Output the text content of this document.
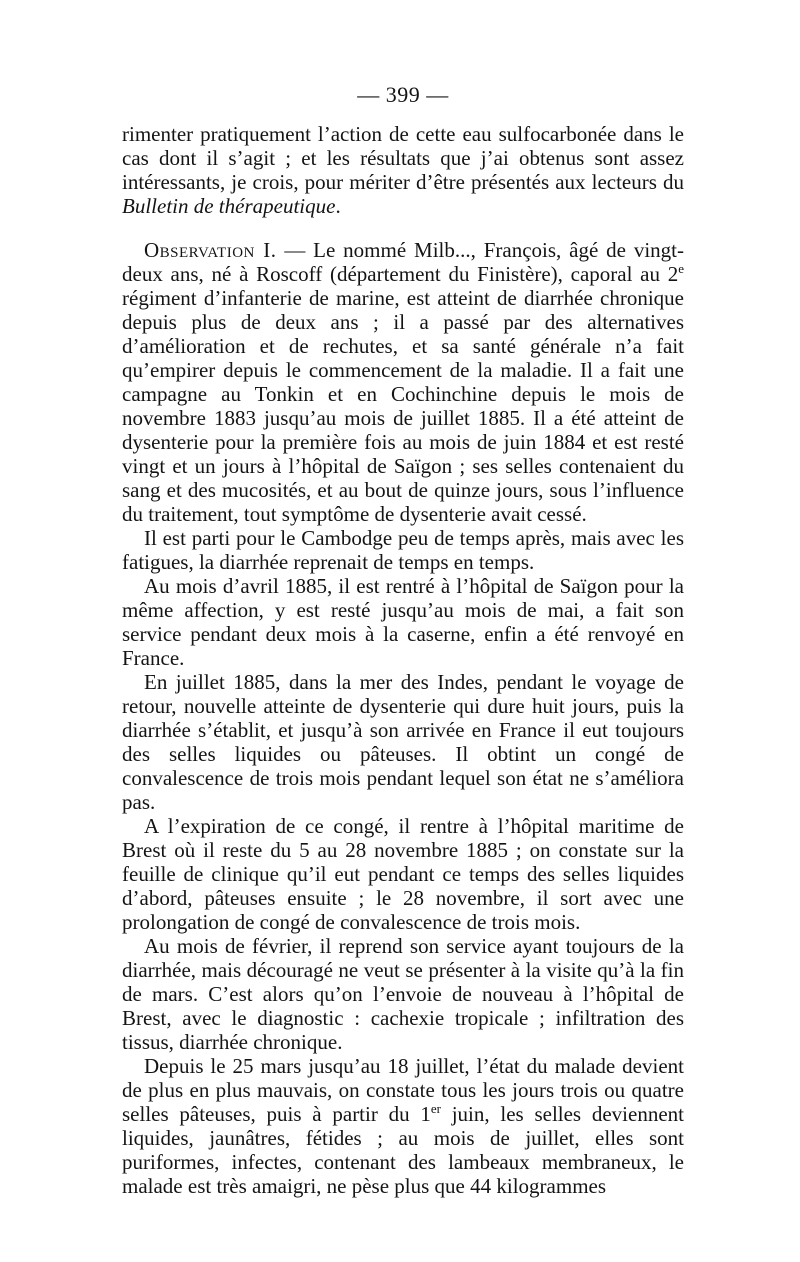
— 399 —

rimenter pratiquement l’action de cette eau sulfocarbonée dans le cas dont il s’agit ; et les résultats que j’ai obtenus sont assez intéressants, je crois, pour mériter d’être présentés aux lecteurs du Bulletin de thérapeutique.

Observation I. — Le nommé Milb..., François, âgé de vingt-deux ans, né à Roscoff (département du Finistère), caporal au 2e régiment d’infanterie de marine, est atteint de diarrhée chronique depuis plus de deux ans ; il a passé par des alternatives d’amélioration et de rechutes, et sa santé générale n’a fait qu’empirer depuis le commencement de la maladie. Il a fait une campagne au Tonkin et en Cochinchine depuis le mois de novembre 1883 jusqu’au mois de juillet 1885. Il a été atteint de dysenterie pour la première fois au mois de juin 1884 et est resté vingt et un jours à l’hôpital de Saïgon ; ses selles contenaient du sang et des mucosités, et au bout de quinze jours, sous l’influence du traitement, tout symptôme de dysenterie avait cessé.

Il est parti pour le Cambodge peu de temps après, mais avec les fatigues, la diarrhée reprenait de temps en temps.

Au mois d’avril 1885, il est rentré à l’hôpital de Saïgon pour la même affection, y est resté jusqu’au mois de mai, a fait son service pendant deux mois à la caserne, enfin a été renvoyé en France.

En juillet 1885, dans la mer des Indes, pendant le voyage de retour, nouvelle atteinte de dysenterie qui dure huit jours, puis la diarrhée s’établit, et jusqu’à son arrivée en France il eut toujours des selles liquides ou pâteuses. Il obtint un congé de convalescence de trois mois pendant lequel son état ne s’améliora pas.

A l’expiration de ce congé, il rentre à l’hôpital maritime de Brest où il reste du 5 au 28 novembre 1885 ; on constate sur la feuille de clinique qu’il eut pendant ce temps des selles liquides d’abord, pâteuses ensuite ; le 28 novembre, il sort avec une prolongation de congé de convalescence de trois mois.

Au mois de février, il reprend son service ayant toujours de la diarrhée, mais découragé ne veut se présenter à la visite qu’à la fin de mars. C’est alors qu’on l’envoie de nouveau à l’hôpital de Brest, avec le diagnostic : cachexie tropicale ; infiltration des tissus, diarrhée chronique.

Depuis le 25 mars jusqu’au 18 juillet, l’état du malade devient de plus en plus mauvais, on constate tous les jours trois ou quatre selles pâteuses, puis à partir du 1er juin, les selles deviennent liquides, jaunâtres, fétides ; au mois de juillet, elles sont puriformes, infectes, contenant des lambeaux membraneux, le malade est très amaigri, ne pèse plus que 44 kilogrammes
